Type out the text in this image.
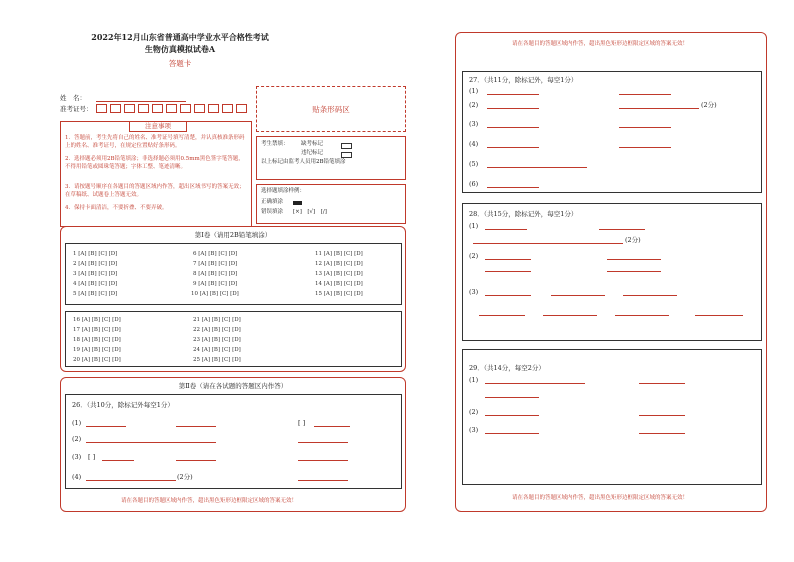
2022年12月山东省普通高中学业水平合格性考试
生物仿真模拟试卷A
答题卡
姓　名：
准考证号：	贴条形码区
注意事项
1．答题前，考生先将自己的姓名、准考证号填写清楚，并认真核准条形码上的姓名、准考证号，在规定位置贴好条形码。
2．选择题必须用2B铅笔填涂；非选择题必须用0.5mm黑色签字笔答题，不得用铅笔或圆珠笔答题；字体工整、笔迹清晰。
3．请按题号顺序在各题目的答题区域内作答，超出区域书写的答案无效；在草稿纸、试题卷上答题无效。
4．保持卡面清洁，不要折叠、不要弄破。
考生禁填： 缺考标记
违纪标记
以上标记由监考人员用2B铅笔填涂
选择题填涂样例：
正确填涂
错误填涂 [×]　[√]　[/]
第Ⅰ卷（请用2B铅笔填涂）
1 [A] [B] [C] [D]
2 [A] [B] [C] [D]
3 [A] [B] [C] [D]
4 [A] [B] [C] [D]
5 [A] [B] [C] [D]
6 [A] [B] [C] [D]
7 [A] [B] [C] [D]
8 [A] [B] [C] [D]
9 [A] [B] [C] [D]
10 [A] [B] [C] [D]
11 [A] [B] [C] [D]
12 [A] [B] [C] [D]
13 [A] [B] [C] [D]
14 [A] [B] [C] [D]
15 [A] [B] [C] [D]
16 [A] [B] [C] [D]
17 [A] [B] [C] [D]
18 [A] [B] [C] [D]
19 [A] [B] [C] [D]
20 [A] [B] [C] [D]
21 [A] [B] [C] [D]
22 [A] [B] [C] [D]
23 [A] [B] [C] [D]
24 [A] [B] [C] [D]
25 [A] [B] [C] [D]
第Ⅱ卷（请在各试题的答题区内作答）
26．（共10分，除标记外每空1分）
(1)	[ ]
(2)
(3) [ ]
(4)	(2分)
请在各题目的答题区域内作答，超出黑色矩形边框限定区域的答案无效！
请在各题目的答题区域内作答，超出黑色矩形边框限定区域的答案无效！
27．（共11分，除标记外，每空1分）
(1)
(2)	(2分)
(3)
(4)
(5)
(6)
28．（共15分，除标记外，每空1分）
(1)
(2分)
(2)
(3)
29．（共14分，每空2分）
(1)
(2)
(3)
请在各题目的答题区域内作答，超出黑色矩形边框限定区域的答案无效！
